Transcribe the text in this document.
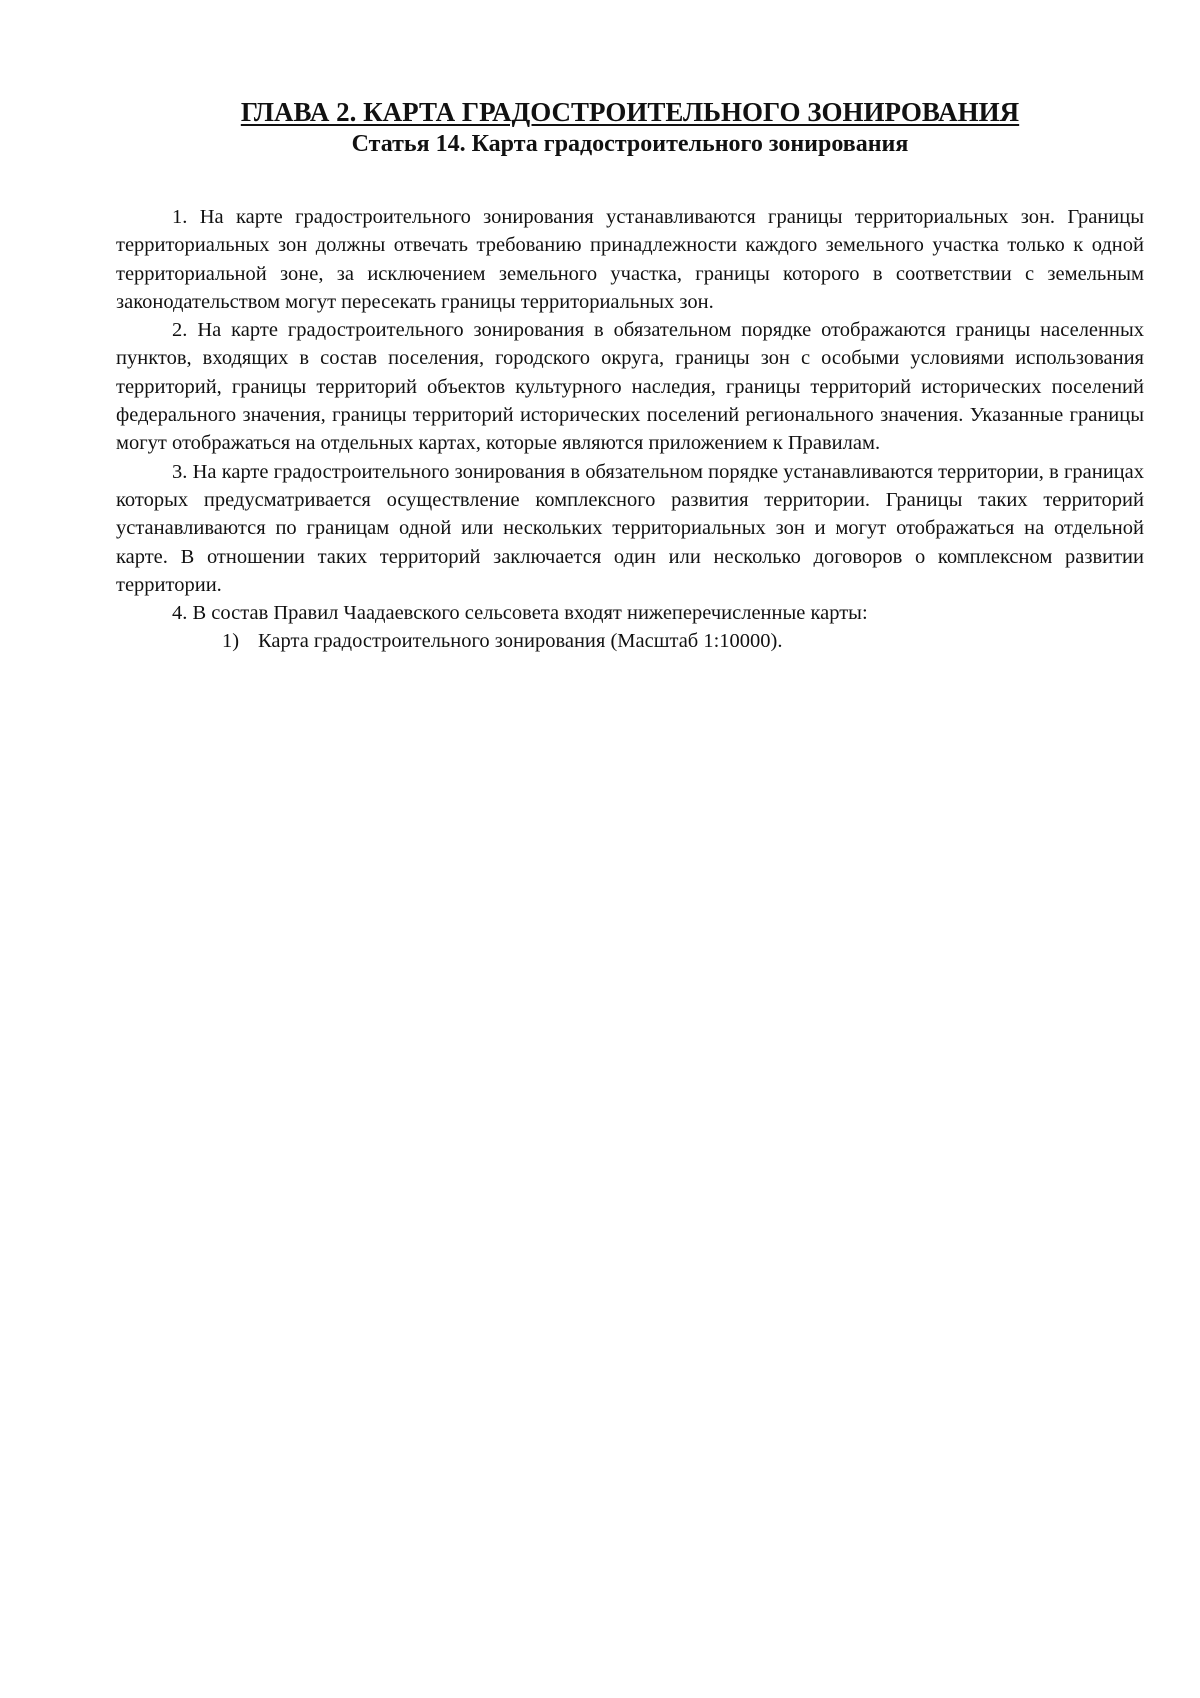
ГЛАВА 2. КАРТА ГРАДОСТРОИТЕЛЬНОГО ЗОНИРОВАНИЯ
Статья 14. Карта градостроительного зонирования

1. На карте градостроительного зонирования устанавливаются границы территориальных зон. Границы территориальных зон должны отвечать требованию принадлежности каждого земельного участка только к одной территориальной зоне, за исключением земельного участка, границы которого в соответствии с земельным законодательством могут пересекать границы территориальных зон.

2. На карте градостроительного зонирования в обязательном порядке отображаются границы населенных пунктов, входящих в состав поселения, городского округа, границы зон с особыми условиями использования территорий, границы территорий объектов культурного наследия, границы территорий исторических поселений федерального значения, границы территорий исторических поселений регионального значения. Указанные границы могут отображаться на отдельных картах, которые являются приложением к Правилам.

3. На карте градостроительного зонирования в обязательном порядке устанавливаются территории, в границах которых предусматривается осуществление комплексного развития территории. Границы таких территорий устанавливаются по границам одной или нескольких территориальных зон и могут отображаться на отдельной карте. В отношении таких территорий заключается один или несколько договоров о комплексном развитии территории.

4. В состав Правил Чаадаевского сельсовета входят нижеперечисленные карты:

1) Карта градостроительного зонирования (Масштаб 1:10000).
